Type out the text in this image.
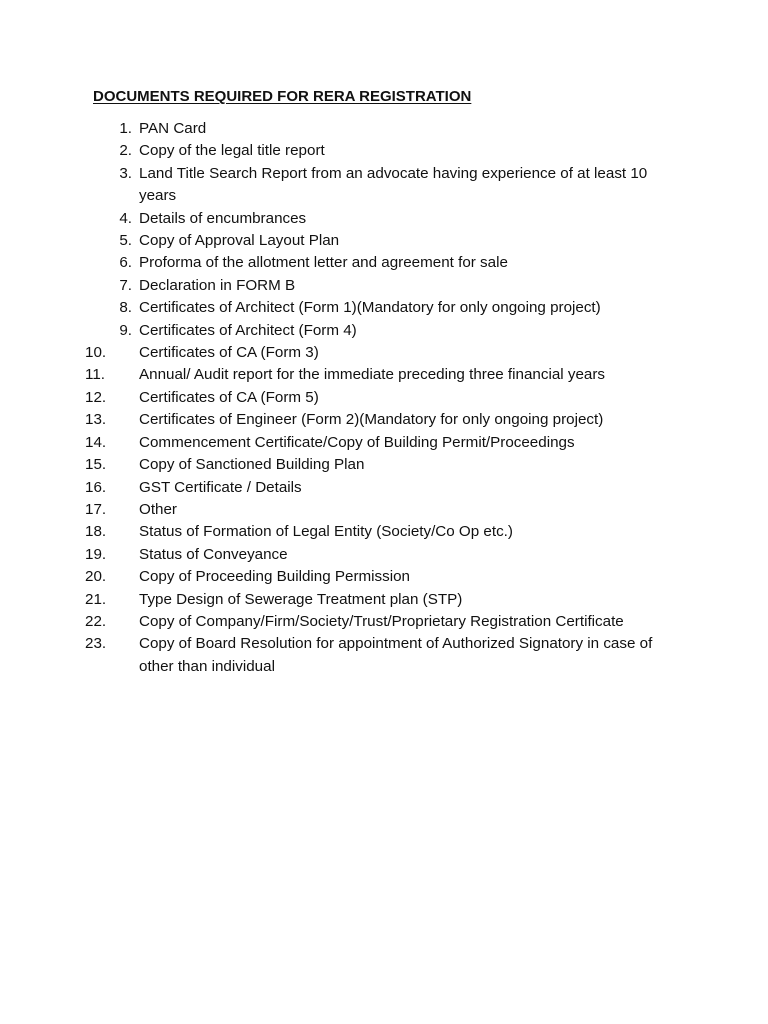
DOCUMENTS REQUIRED FOR RERA REGISTRATION
1. PAN Card
2. Copy of the legal title report
3. Land Title Search Report from an advocate having experience of at least 10 years
4. Details of encumbrances
5. Copy of Approval Layout Plan
6. Proforma of the allotment letter and agreement for sale
7. Declaration in FORM B
8. Certificates of Architect (Form 1)(Mandatory for only ongoing project)
9. Certificates of Architect (Form 4)
10.	Certificates of CA (Form 3)
11.	Annual/ Audit report for the immediate preceding three financial years
12.	Certificates of CA (Form 5)
13.	Certificates of Engineer (Form 2)(Mandatory for only ongoing project)
14.	Commencement Certificate/Copy of Building Permit/Proceedings
15.	Copy of Sanctioned Building Plan
16.	GST Certificate / Details
17.	Other
18.	Status of Formation of Legal Entity (Society/Co Op etc.)
19.	Status of Conveyance
20.	Copy of Proceeding Building Permission
21.	Type Design of Sewerage Treatment plan (STP)
22.	Copy of Company/Firm/Society/Trust/Proprietary Registration Certificate
23.	Copy of Board Resolution for appointment of Authorized Signatory in case of other than individual
